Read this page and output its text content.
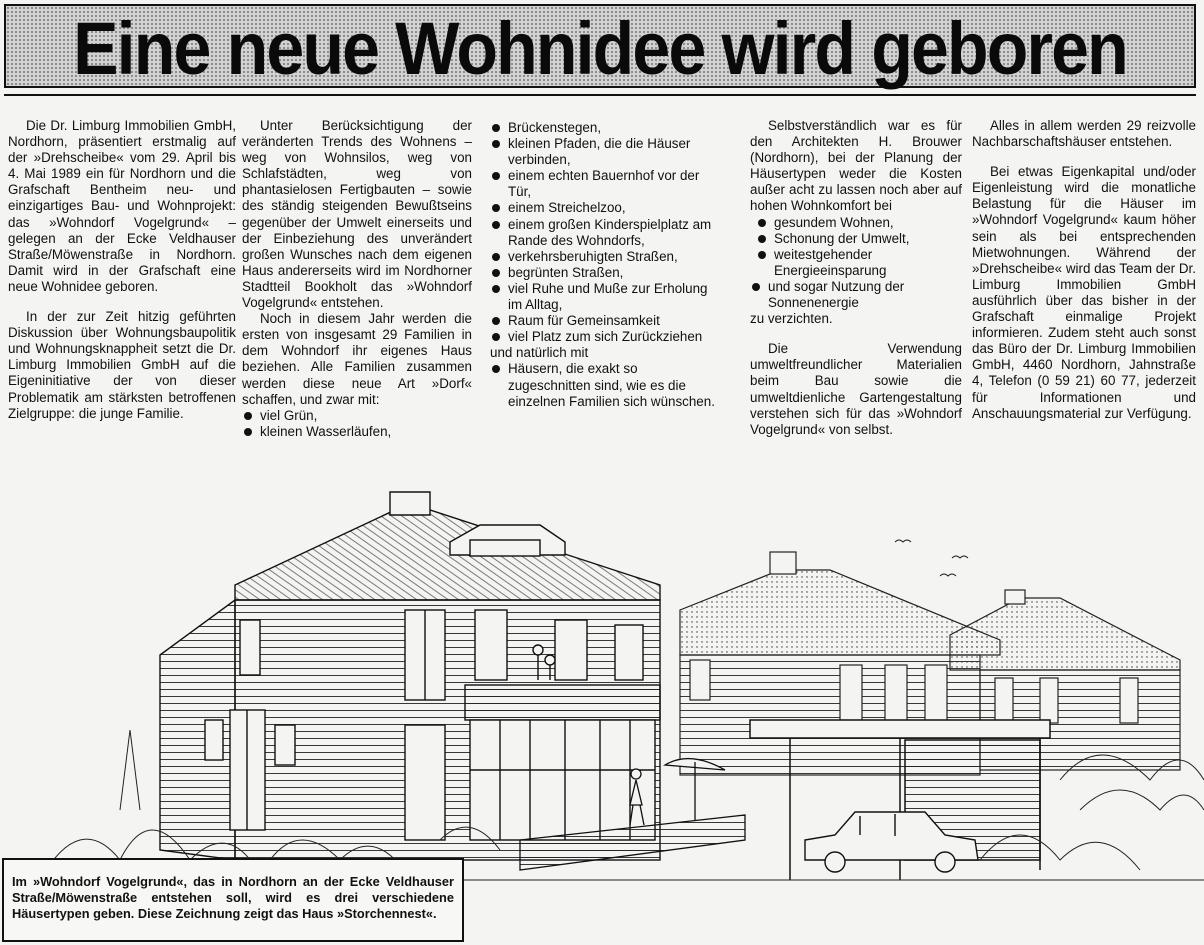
Eine neue Wohnidee wird geboren

Die Dr. Limburg Immobilien GmbH, Nordhorn, präsentiert erstmalig auf der »Drehscheibe« vom 29. April bis 4. Mai 1989 ein für Nordhorn und die Grafschaft Bentheim neu- und einzigartiges Bau- und Wohnprojekt: das »Wohndorf Vogelgrund« – gelegen an der Ecke Veldhauser Straße/Möwenstraße in Nordhorn. Damit wird in der Grafschaft eine neue Wohnidee geboren.

In der zur Zeit hitzig geführten Diskussion über Wohnungsbaupolitik und Wohnungsknappheit setzt die Dr. Limburg Immobilien GmbH auf die Eigeninitiative der von dieser Problematik am stärksten betroffenen Zielgruppe: die junge Familie.

Unter Berücksichtigung der veränderten Trends des Wohnens – weg von Wohnsilos, weg von Schlafstädten, weg von phantasielosen Fertigbauten – sowie des ständig steigenden Bewußtseins gegenüber der Umwelt einerseits und der Einbeziehung des unverändert großen Wunsches nach dem eigenen Haus andererseits wird im Nordhorner Stadtteil Bookholt das »Wohndorf Vogelgrund« entstehen.

Noch in diesem Jahr werden die ersten von insgesamt 29 Familien in dem Wohndorf ihr eigenes Haus beziehen. Alle Familien zusammen werden diese neue Art »Dorf« schaffen, und zwar mit:

viel Grün,
kleinen Wasserläufen,
Brückenstegen,
kleinen Pfaden, die die Häuser verbinden,
einem echten Bauernhof vor der Tür,
einem Streichelzoo,
einem großen Kinderspielplatz am Rande des Wohndorfs,
verkehrsberuhigten Straßen,
begrünten Straßen,
viel Ruhe und Muße zur Erholung im Alltag,
Raum für Gemeinsamkeit
viel Platz zum sich Zurückziehen
und natürlich mit
Häusern, die exakt so zugeschnitten sind, wie es die einzelnen Familien sich wünschen.

Selbstverständlich war es für den Architekten H. Brouwer (Nordhorn), bei der Planung der Häusertypen weder die Kosten außer acht zu lassen noch aber auf hohen Wohnkomfort bei

gesundem Wohnen,
Schonung der Umwelt,
weitestgehender Energieeinsparung
und sogar Nutzung der Sonnenenergie
zu verzichten.

Die Verwendung umweltfreundlicher Materialien beim Bau sowie die umweltdienliche Gartengestaltung verstehen sich für das »Wohndorf Vogelgrund« von selbst.

Alles in allem werden 29 reizvolle Nachbarschaftshäuser entstehen.

Bei etwas Eigenkapital und/oder Eigenleistung wird die monatliche Belastung für die Häuser im »Wohndorf Vogelgrund« kaum höher sein als bei entsprechenden Mietwohnungen. Während der »Drehscheibe« wird das Team der Dr. Limburg Immobilien GmbH ausführlich über das bisher in der Grafschaft einmalige Projekt informieren. Zudem steht auch sonst das Büro der Dr. Limburg Immobilien GmbH, 4460 Nordhorn, Jahnstraße 4, Telefon (0 59 21) 60 77, jederzeit für Informationen und Anschauungsmaterial zur Verfügung.

Im »Wohndorf Vogelgrund«, das in Nordhorn an der Ecke Veldhauser Straße/Möwenstraße entstehen soll, wird es drei verschiedene Häusertypen geben. Diese Zeichnung zeigt das Haus »Storchennest«.
